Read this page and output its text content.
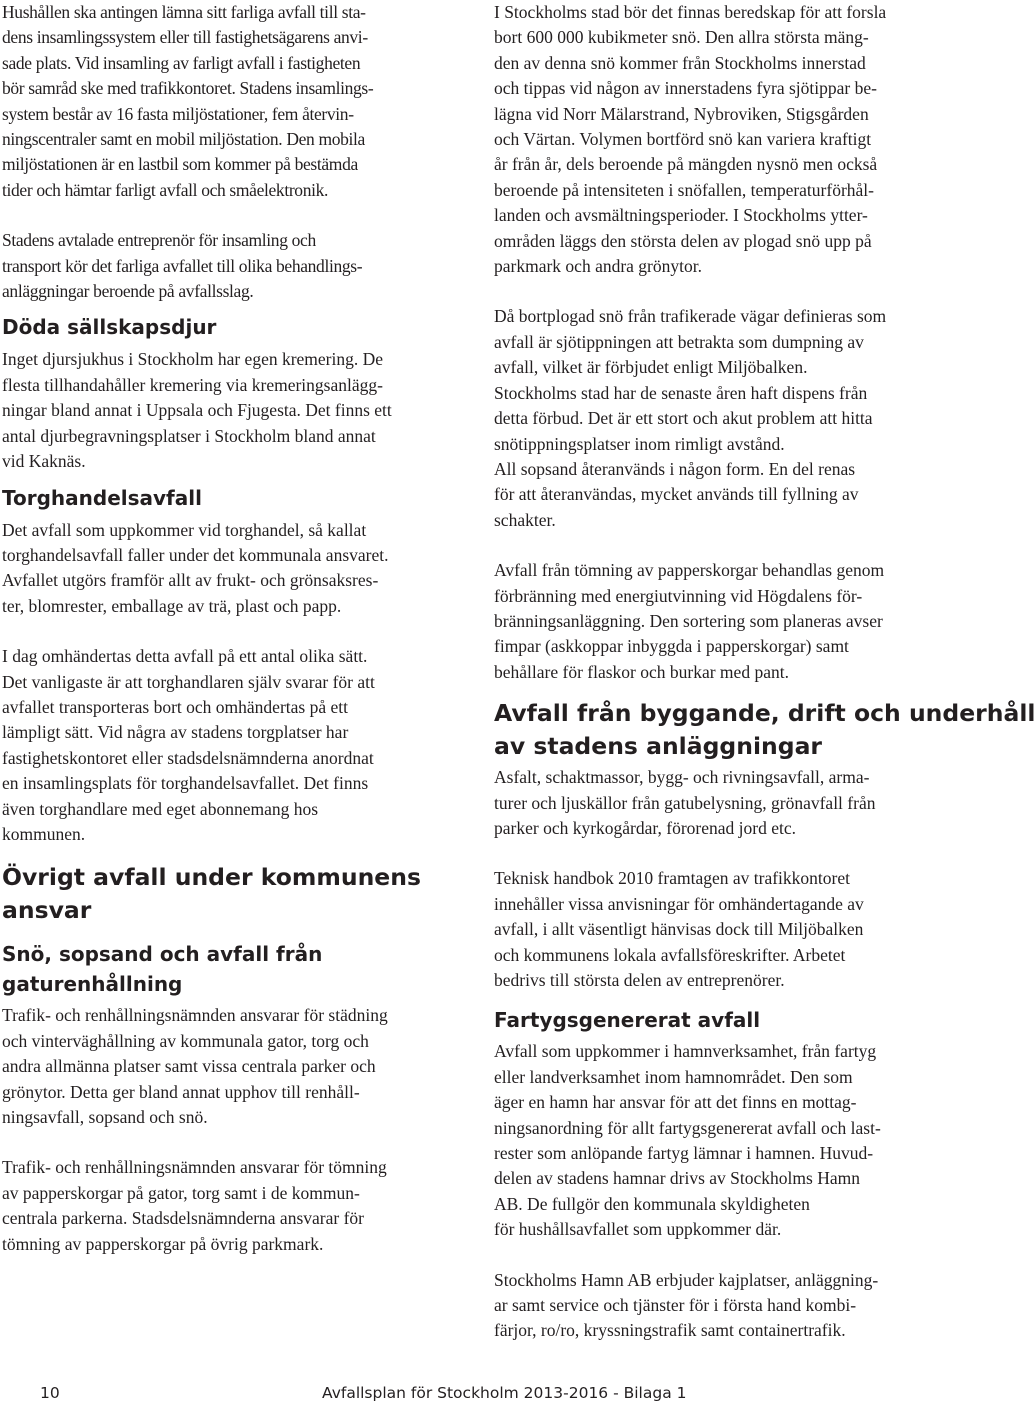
Hushållen ska antingen lämna sitt farliga avfall till sta-
dens insamlingssystem eller till fastighetsägarens anvi-
sade plats. Vid insamling av farligt avfall i fastigheten
bör samråd ske med trafikkontoret. Stadens insamlings-
system består av 16 fasta miljöstationer, fem återvin-
ningscentraler samt en mobil miljöstation. Den mobila
miljöstationen är en lastbil som kommer på bestämda
tider och hämtar farligt avfall och småelektronik.

Stadens avtalade entreprenör för insamling och
transport kör det farliga avfallet till olika behandlings-
anläggningar beroende på avfallsslag.

Döda sällskapsdjur

Inget djursjukhus i Stockholm har egen kremering. De
flesta tillhandahåller kremering via kremeringsanlägg-
ningar bland annat i Uppsala och Fjugesta. Det finns ett
antal djurbegravningsplatser i Stockholm bland annat
vid Kaknäs.

Torghandelsavfall

Det avfall som uppkommer vid torghandel, så kallat
torghandelsavfall faller under det kommunala ansvaret.
Avfallet utgörs framför allt av frukt- och grönsaksres-
ter, blomrester, emballage av trä, plast och papp.

I dag omhändertas detta avfall på ett antal olika sätt.
Det vanligaste är att torghandlaren själv svarar för att
avfallet transporteras bort och omhändertas på ett
lämpligt sätt. Vid några av stadens torgplatser har
fastighetskontoret eller stadsdelsnämnderna anordnat
en insamlingsplats för torghandelsavfallet. Det finns
även torghandlare med eget abonnemang hos
kommunen.

Övrigt avfall under kommunens
ansvar
Snö, sopsand och avfall från
gaturenhållning

Trafik- och renhållningsnämnden ansvarar för städning
och vinterväghållning av kommunala gator, torg och
andra allmänna platser samt vissa centrala parker och
grönytor. Detta ger bland annat upphov till renhåll-
ningsavfall, sopsand och snö.

Trafik- och renhållningsnämnden ansvarar för tömning
av papperskorgar på gator, torg samt i de kommun-
centrala parkerna. Stadsdelsnämnderna ansvarar för
tömning av papperskorgar på övrig parkmark.

I Stockholms stad bör det finnas beredskap för att forsla
bort 600 000 kubikmeter snö. Den allra största mäng-
den av denna snö kommer från Stockholms innerstad
och tippas vid någon av innerstadens fyra sjötippar be-
lägna vid Norr Mälarstrand, Nybroviken, Stigsgården
och Värtan. Volymen bortförd snö kan variera kraftigt
år från år, dels beroende på mängden nysnö men också
beroende på intensiteten i snöfallen, temperaturförhål-
landen och avsmältningsperioder. I Stockholms ytter-
områden läggs den största delen av plogad snö upp på
parkmark och andra grönytor.

Då bortplogad snö från trafikerade vägar definieras som
avfall är sjötippningen att betrakta som dumpning av
avfall, vilket är förbjudet enligt Miljöbalken.
Stockholms stad har de senaste åren haft dispens från
detta förbud. Det är ett stort och akut problem att hitta
snötippningsplatser inom rimligt avstånd.
All sopsand återanvänds i någon form. En del renas
för att återanvändas, mycket används till fyllning av
schakter.

Avfall från tömning av papperskorgar behandlas genom
förbränning med energiutvinning vid Högdalens för-
bränningsanläggning. Den sortering som planeras avser
fimpar (askkoppar inbyggda i papperskorgar) samt
behållare för flaskor och burkar med pant.

Avfall från byggande, drift och underhåll
av stadens anläggningar

Asfalt, schaktmassor, bygg- och rivningsavfall, arma-
turer och ljuskällor från gatubelysning, grönavfall från
parker och kyrkogårdar, förorenad jord etc.

Teknisk handbok 2010 framtagen av trafikkontoret
innehåller vissa anvisningar för omhändertagande av
avfall, i allt väsentligt hänvisas dock till Miljöbalken
och kommunens lokala avfallsföreskrifter. Arbetet
bedrivs till största delen av entreprenörer.

Fartygsgenererat avfall

Avfall som uppkommer i hamnverksamhet, från fartyg
eller landverksamhet inom hamnområdet. Den som
äger en hamn har ansvar för att det finns en mottag-
ningsanordning för allt fartygsgenererat avfall och last-
rester som anlöpande fartyg lämnar i hamnen. Huvud-
delen av stadens hamnar drivs av Stockholms Hamn
AB. De fullgör den kommunala skyldigheten
för hushållsavfallet som uppkommer där.

Stockholms Hamn AB erbjuder kajplatser, anläggning-
ar samt service och tjänster för i första hand kombi-
färjor, ro/ro, kryssningstrafik samt containertrafik.

10	Avfallsplan för Stockholm 2013-2016 - Bilaga 1
